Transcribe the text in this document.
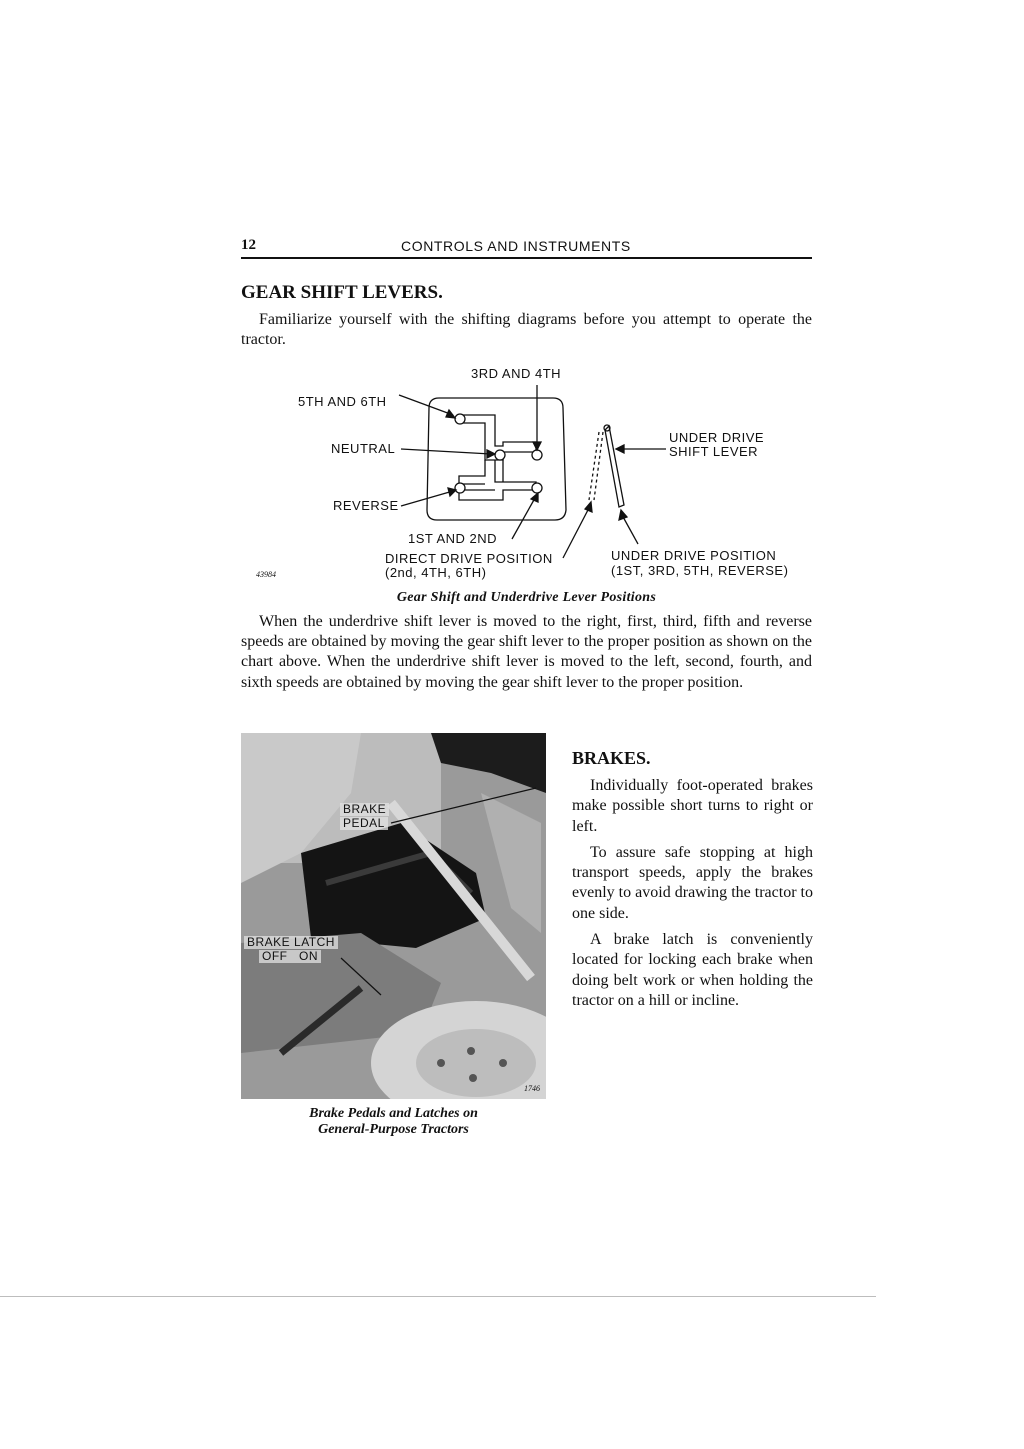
12	CONTROLS AND INSTRUMENTS
GEAR SHIFT LEVERS.

Familiarize yourself with the shifting diagrams before you attempt to operate the tractor.

3RD AND 4TH
5TH AND 6TH
NEUTRAL
REVERSE
1ST AND 2ND
DIRECT DRIVE POSITION
(2nd, 4TH, 6TH)
UNDER DRIVE
SHIFT LEVER
UNDER DRIVE POSITION
(1ST, 3RD, 5TH, REVERSE)
43984
Gear Shift and Underdrive Lever Positions

When the underdrive shift lever is moved to the right, first, third, fifth and reverse speeds are obtained by moving the gear shift lever to the proper position as shown on the chart above. When the underdrive shift lever is moved to the left, second, fourth, and sixth speeds are obtained by moving the gear shift lever to the proper position.

BRAKE
PEDAL
BRAKE LATCH
OFF   ON
1746
Brake Pedals and Latches on
General-Purpose Tractors
BRAKES.

Individually foot-operated brakes make possible short turns to right or left.

To assure safe stopping at high transport speeds, apply the brakes evenly to avoid drawing the tractor to one side.

A brake latch is conveniently located for locking each brake when doing belt work or when holding the tractor on a hill or incline.
